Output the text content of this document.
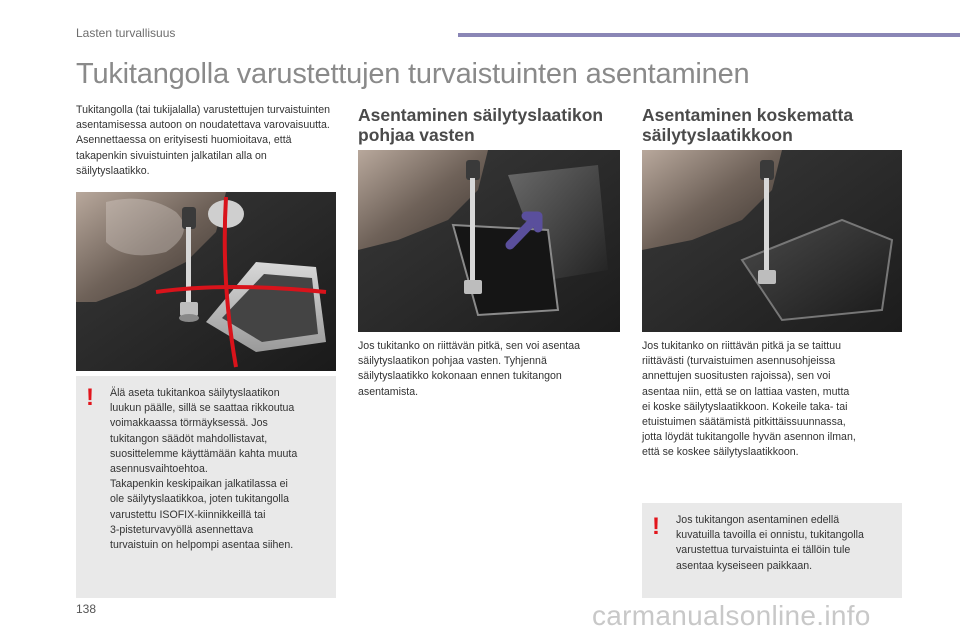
Lasten turvallisuus
Tukitangolla varustettujen turvaistuinten asentaminen
Tukitangolla (tai tukijalalla) varustettujen turvaistuinten asentamisessa autoon on noudatettava varovaisuutta. Asennettaessa on erityisesti huomioitava, että takapenkin sivuistuinten jalkatilan alla on säilytyslaatikko.
! Älä aseta tukitankoa säilytyslaatikon
luukun päälle, sillä se saattaa rikkoutua
voimakkaassa törmäyksessä. Jos
tukitangon säädöt mahdollistavat,
suosittelemme käyttämään kahta muuta
asennusvaihtoehtoa.
Takapenkin keskipaikan jalkatilassa ei
ole säilytyslaatikkoa, joten tukitangolla
varustettu ISOFIX-kiinnikkeillä tai
3-pisteturvavyöllä asennettava
turvaistuin on helpompi asentaa siihen.
Asentaminen säilytyslaatikon
pohjaa vasten
Jos tukitanko on riittävän pitkä, sen voi asentaa
säilytyslaatikon pohjaa vasten. Tyhjennä
säilytyslaatikko kokonaan ennen tukitangon
asentamista.
Asentaminen koskematta
säilytyslaatikkoon
Jos tukitanko on riittävän pitkä ja se taittuu
riittävästi (turvaistuimen asennusohjeissa
annettujen suositusten rajoissa), sen voi
asentaa niin, että se on lattiaa vasten, mutta
ei koske säilytyslaatikkoon. Kokeile taka- tai
etuistuimen säätämistä pitkittäissuunnassa,
jotta löydät tukitangolle hyvän asennon ilman,
että se koskee säilytyslaatikkoon.
! Jos tukitangon asentaminen edellä
kuvatuilla tavoilla ei onnistu, tukitangolla
varustettua turvaistuinta ei tällöin tule
asentaa kyseiseen paikkaan.
138	carmanualsonline.info
